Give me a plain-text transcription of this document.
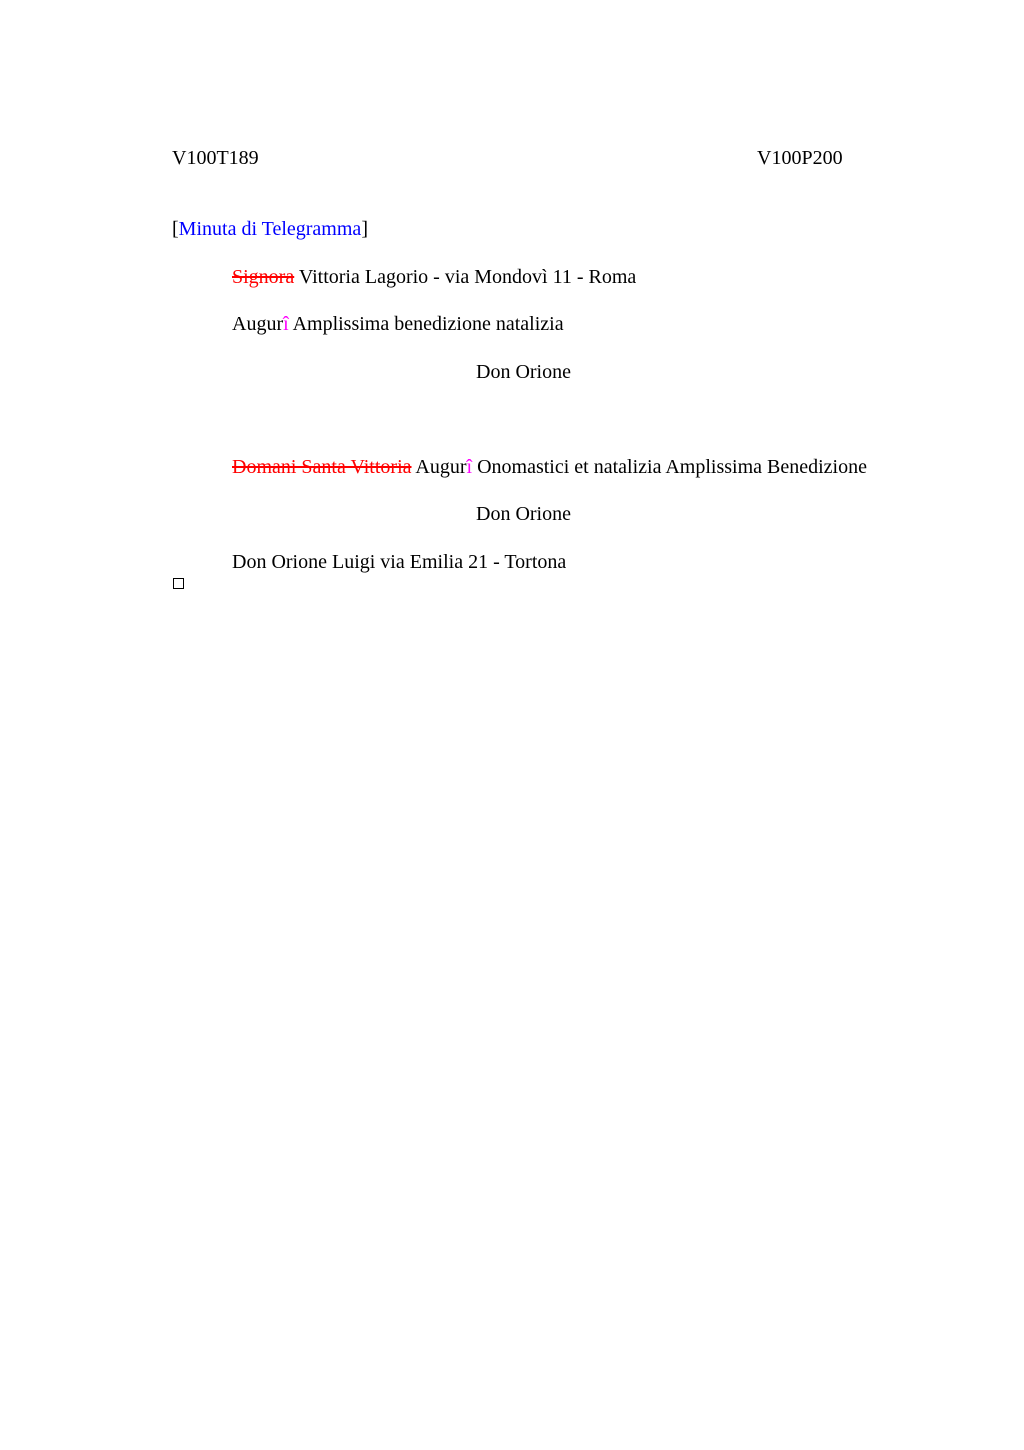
V100T189	V100P200
[Minuta di Telegramma]
Signora Vittoria Lagorio - via Mondovì 11 - Roma
Augurî Amplissima benedizione natalizia
Don Orione
Domani Santa Vittoria Augurî Onomastici et natalizia Amplissima Benedizione
Don Orione
Don Orione Luigi via Emilia 21 - Tortona
